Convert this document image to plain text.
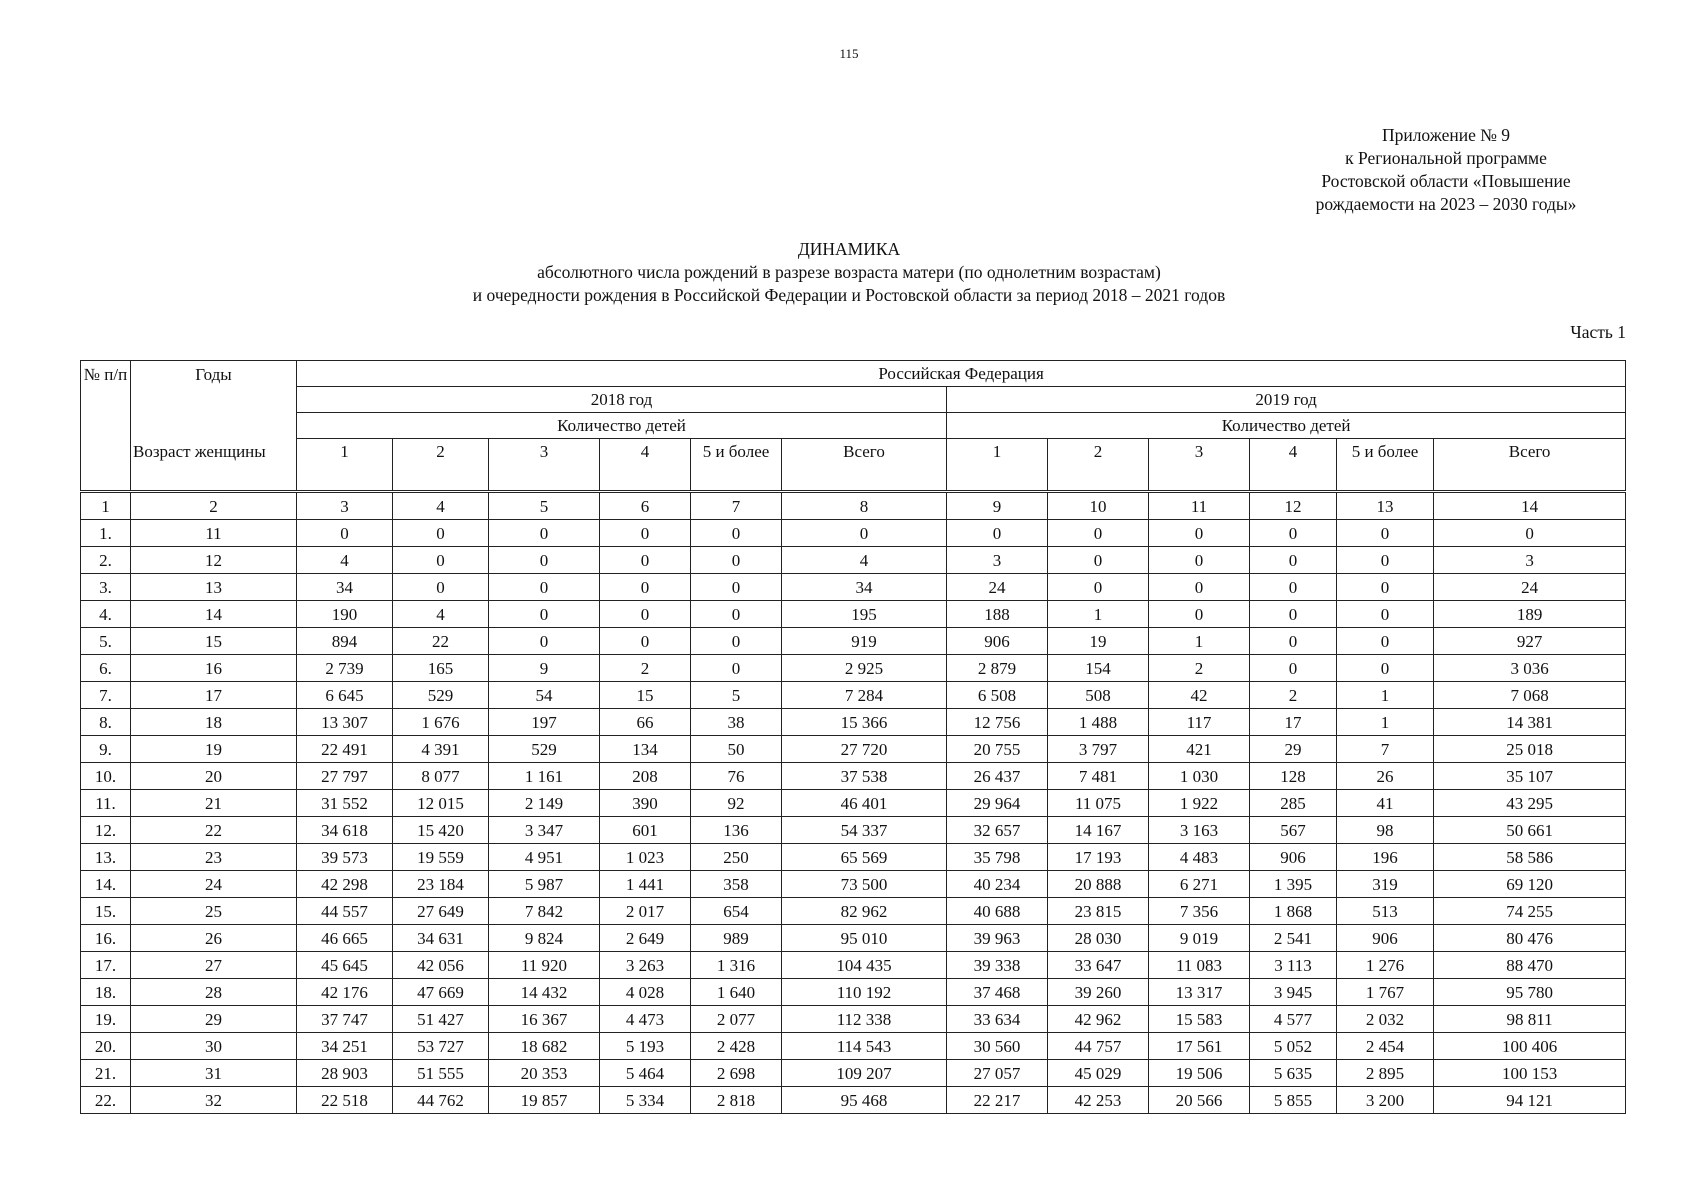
115
Приложение № 9
к Региональной программе
Ростовской области «Повышение
рождаемости на 2023 – 2030 годы»
ДИНАМИКА
абсолютного числа рождений в разрезе возраста матери (по однолетним возрастам)
и очередности рождения в Российской Федерации и Ростовской области за период 2018 – 2021 годов
Часть 1
№ п/п	Годы	Российская Федерация											
		2018 год						2019 год					
		Количество детей						Количество детей					
	Возраст женщины	1	2	3	4	5 и более	Всего	1	2	3	4	5 и более	Всего
1	2	3	4	5	6	7	8	9	10	11	12	13	14
1.	11	0	0	0	0	0	0	0	0	0	0	0	0
2.	12	4	0	0	0	0	4	3	0	0	0	0	3
3.	13	34	0	0	0	0	34	24	0	0	0	0	24
4.	14	190	4	0	0	0	195	188	1	0	0	0	189
5.	15	894	22	0	0	0	919	906	19	1	0	0	927
6.	16	2 739	165	9	2	0	2 925	2 879	154	2	0	0	3 036
7.	17	6 645	529	54	15	5	7 284	6 508	508	42	2	1	7 068
8.	18	13 307	1 676	197	66	38	15 366	12 756	1 488	117	17	1	14 381
9.	19	22 491	4 391	529	134	50	27 720	20 755	3 797	421	29	7	25 018
10.	20	27 797	8 077	1 161	208	76	37 538	26 437	7 481	1 030	128	26	35 107
11.	21	31 552	12 015	2 149	390	92	46 401	29 964	11 075	1 922	285	41	43 295
12.	22	34 618	15 420	3 347	601	136	54 337	32 657	14 167	3 163	567	98	50 661
13.	23	39 573	19 559	4 951	1 023	250	65 569	35 798	17 193	4 483	906	196	58 586
14.	24	42 298	23 184	5 987	1 441	358	73 500	40 234	20 888	6 271	1 395	319	69 120
15.	25	44 557	27 649	7 842	2 017	654	82 962	40 688	23 815	7 356	1 868	513	74 255
16.	26	46 665	34 631	9 824	2 649	989	95 010	39 963	28 030	9 019	2 541	906	80 476
17.	27	45 645	42 056	11 920	3 263	1 316	104 435	39 338	33 647	11 083	3 113	1 276	88 470
18.	28	42 176	47 669	14 432	4 028	1 640	110 192	37 468	39 260	13 317	3 945	1 767	95 780
19.	29	37 747	51 427	16 367	4 473	2 077	112 338	33 634	42 962	15 583	4 577	2 032	98 811
20.	30	34 251	53 727	18 682	5 193	2 428	114 543	30 560	44 757	17 561	5 052	2 454	100 406
21.	31	28 903	51 555	20 353	5 464	2 698	109 207	27 057	45 029	19 506	5 635	2 895	100 153
22.	32	22 518	44 762	19 857	5 334	2 818	95 468	22 217	42 253	20 566	5 855	3 200	94 121
